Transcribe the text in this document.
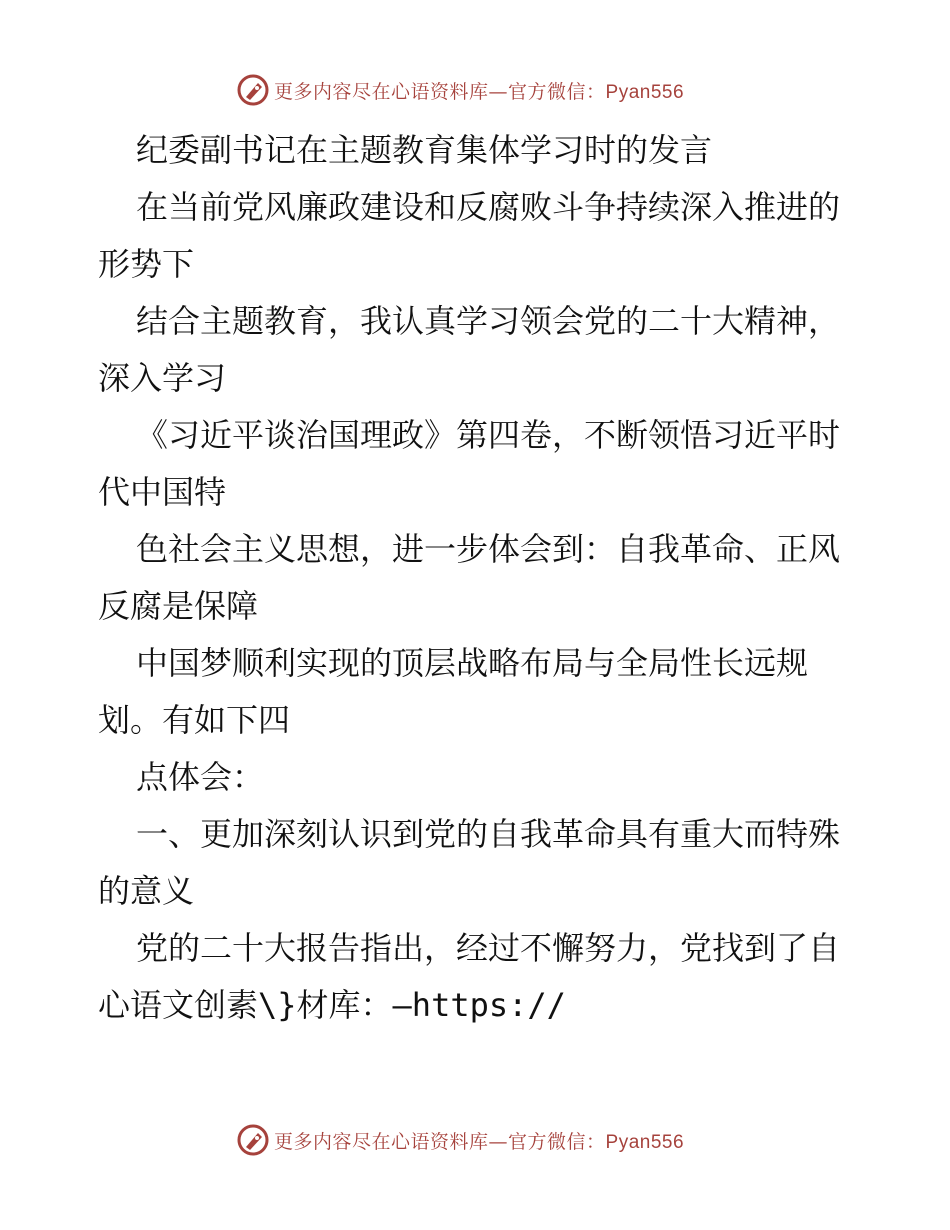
更多内容尽在心语资料库—官方微信：Pyan556

纪委副书记在主题教育集体学习时的发言

在当前党风廉政建设和反腐败斗争持续深入推进的形势下

结合主题教育，我认真学习领会党的二十大精神，深入学习

《习近平谈治国理政》第四卷，不断领悟习近平时代中国特

色社会主义思想，进一步体会到：自我革命、正风反腐是保障

中国梦顺利实现的顶层战略布局与全局性长远规划。有如下四

点体会：

一、更加深刻认识到党的自我革命具有重大而特殊的意义

党的二十大报告指出，经过不懈努力，党找到了自心语文创素\}材库：—https://

更多内容尽在心语资料库—官方微信：Pyan556
